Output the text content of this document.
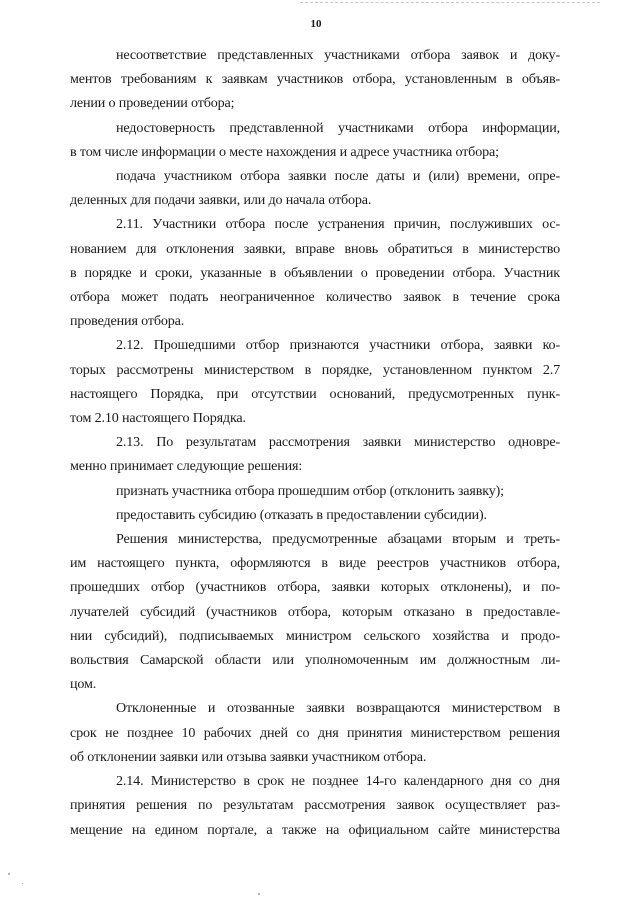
10
несоответствие представленных участниками отбора заявок и доку-
ментов требованиям к заявкам участников отбора, установленным в объяв-
лении о проведении отбора;
недостоверность представленной участниками отбора информации,
в том числе информации о месте нахождения и адресе участника отбора;
подача участником отбора заявки после даты и (или) времени, опре-
деленных для подачи заявки, или до начала отбора.
2.11. Участники отбора после устранения причин, послуживших ос-
нованием для отклонения заявки, вправе вновь обратиться в министерство
в порядке и сроки, указанные в объявлении о проведении отбора. Участник
отбора может подать неограниченное количество заявок в течение срока
проведения отбора.
2.12. Прошедшими отбор признаются участники отбора, заявки ко-
торых рассмотрены министерством в порядке, установленном пунктом 2.7
настоящего Порядка, при отсутствии оснований, предусмотренных пунк-
том 2.10 настоящего Порядка.
2.13. По результатам рассмотрения заявки министерство одновре-
менно принимает следующие решения:
признать участника отбора прошедшим отбор (отклонить заявку);
предоставить субсидию (отказать в предоставлении субсидии).
Решения министерства, предусмотренные абзацами вторым и треть-
им настоящего пункта, оформляются в виде реестров участников отбора,
прошедших отбор (участников отбора, заявки которых отклонены), и по-
лучателей субсидий (участников отбора, которым отказано в предоставле-
нии субсидий), подписываемых министром сельского хозяйства и продо-
вольствия Самарской области или уполномоченным им должностным ли-
цом.
Отклоненные и отозванные заявки возвращаются министерством в
срок не позднее 10 рабочих дней со дня принятия министерством решения
об отклонении заявки или отзыва заявки участником отбора.
2.14. Министерство в срок не позднее 14-го календарного дня со дня
принятия решения по результатам рассмотрения заявок осуществляет раз-
мещение на едином портале, а также на официальном сайте министерства
